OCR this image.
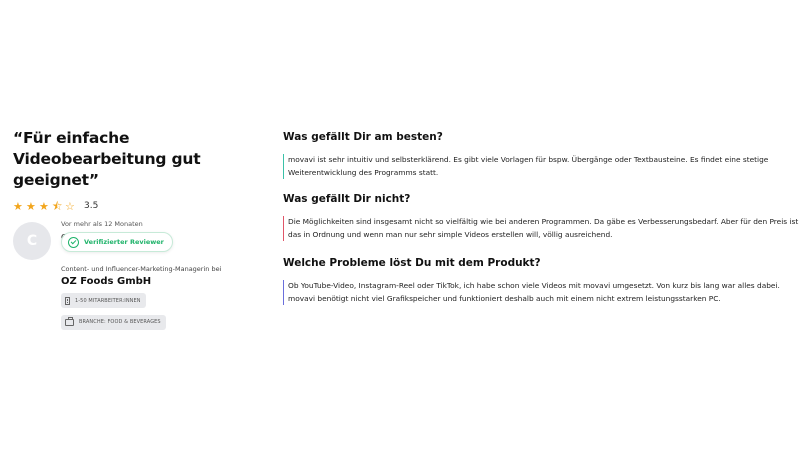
“Für einfache Videobearbeitung gut geeignet”
★ ★ ★ ⯪ ☆	3.5
C
Vor mehr als 12 Monaten
Verifizierter Reviewer
Content- und Influencer-Marketing-Managerin bei
OZ Foods GmbH
1-50 MITARBEITER:INNEN
BRANCHE: FOOD & BEVERAGES
Was gefällt Dir am besten?
movavi ist sehr intuitiv und selbsterklärend. Es gibt viele Vorlagen für bspw. Übergänge oder Textbausteine. Es findet eine stetige Weiterentwicklung des Programms statt.
Was gefällt Dir nicht?
Die Möglichkeiten sind insgesamt nicht so vielfältig wie bei anderen Programmen. Da gäbe es Verbesserungsbedarf. Aber für den Preis ist das in Ordnung und wenn man nur sehr simple Videos erstellen will, völlig ausreichend.
Welche Probleme löst Du mit dem Produkt?
Ob YouTube-Video, Instagram-Reel oder TikTok, ich habe schon viele Videos mit movavi umgesetzt. Von kurz bis lang war alles dabei. movavi benötigt nicht viel Grafikspeicher und funktioniert deshalb auch mit einem nicht extrem leistungsstarken PC.
